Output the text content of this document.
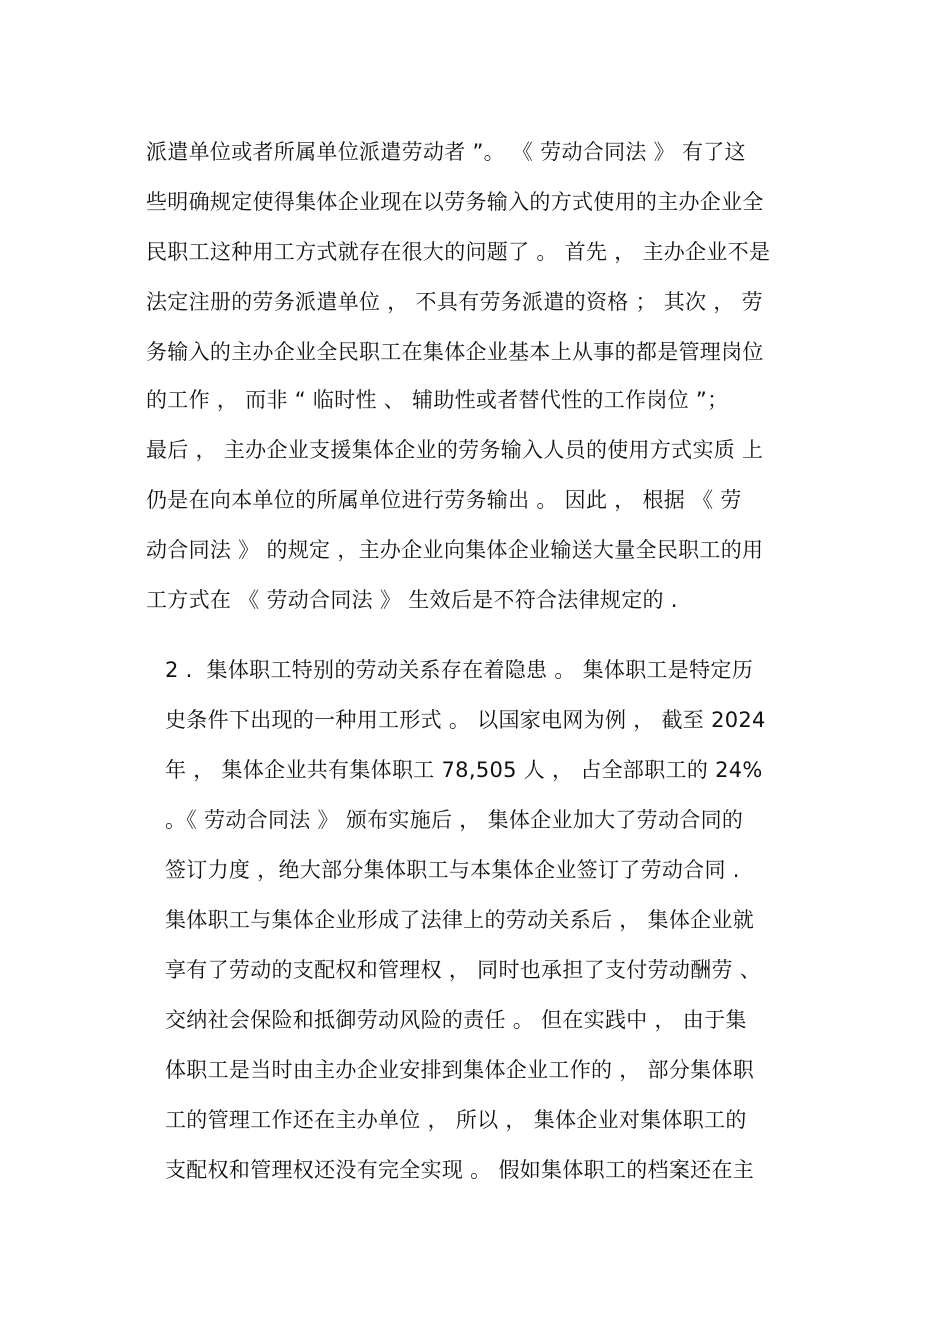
派遣单位或者所属单位派遣劳动者 ”。 《 劳动合同法 》 有了这
些明确规定使得集体企业现在以劳务输入的方式使用的主办企业全
民职工这种用工方式就存在很大的问题了 。 首先 ， 主办企业不是
法定注册的劳务派遣单位 ， 不具有劳务派遣的资格 ； 其次 ， 劳
务输入的主办企业全民职工在集体企业基本上从事的都是管理岗位
的工作 ， 而非 “ 临时性 、 辅助性或者替代性的工作岗位 ”；
最后 ， 主办企业支援集体企业的劳务输入人员的使用方式实质 上
仍是在向本单位的所属单位进行劳务输出 。 因此 ， 根据 《 劳
动合同法 》 的规定 ，主办企业向集体企业输送大量全民职工的用
工方式在 《 劳动合同法 》 生效后是不符合法律规定的 .
2 .  集体职工特别的劳动关系存在着隐患 。 集体职工是特定历
史条件下出现的一种用工形式 。 以国家电网为例 ， 截至 2024
年 ， 集体企业共有集体职工 78,505 人 ， 占全部职工的 24%
。《 劳动合同法 》 颁布实施后 ， 集体企业加大了劳动合同的
签订力度 ，绝大部分集体职工与本集体企业签订了劳动合同 .
集体职工与集体企业形成了法律上的劳动关系后 ， 集体企业就
享有了劳动的支配权和管理权 ， 同时也承担了支付劳动酬劳 、
交纳社会保险和抵御劳动风险的责任 。 但在实践中 ， 由于集
体职工是当时由主办企业安排到集体企业工作的 ， 部分集体职
工的管理工作还在主办单位 ， 所以 ， 集体企业对集体职工的
支配权和管理权还没有完全实现 。 假如集体职工的档案还在主
